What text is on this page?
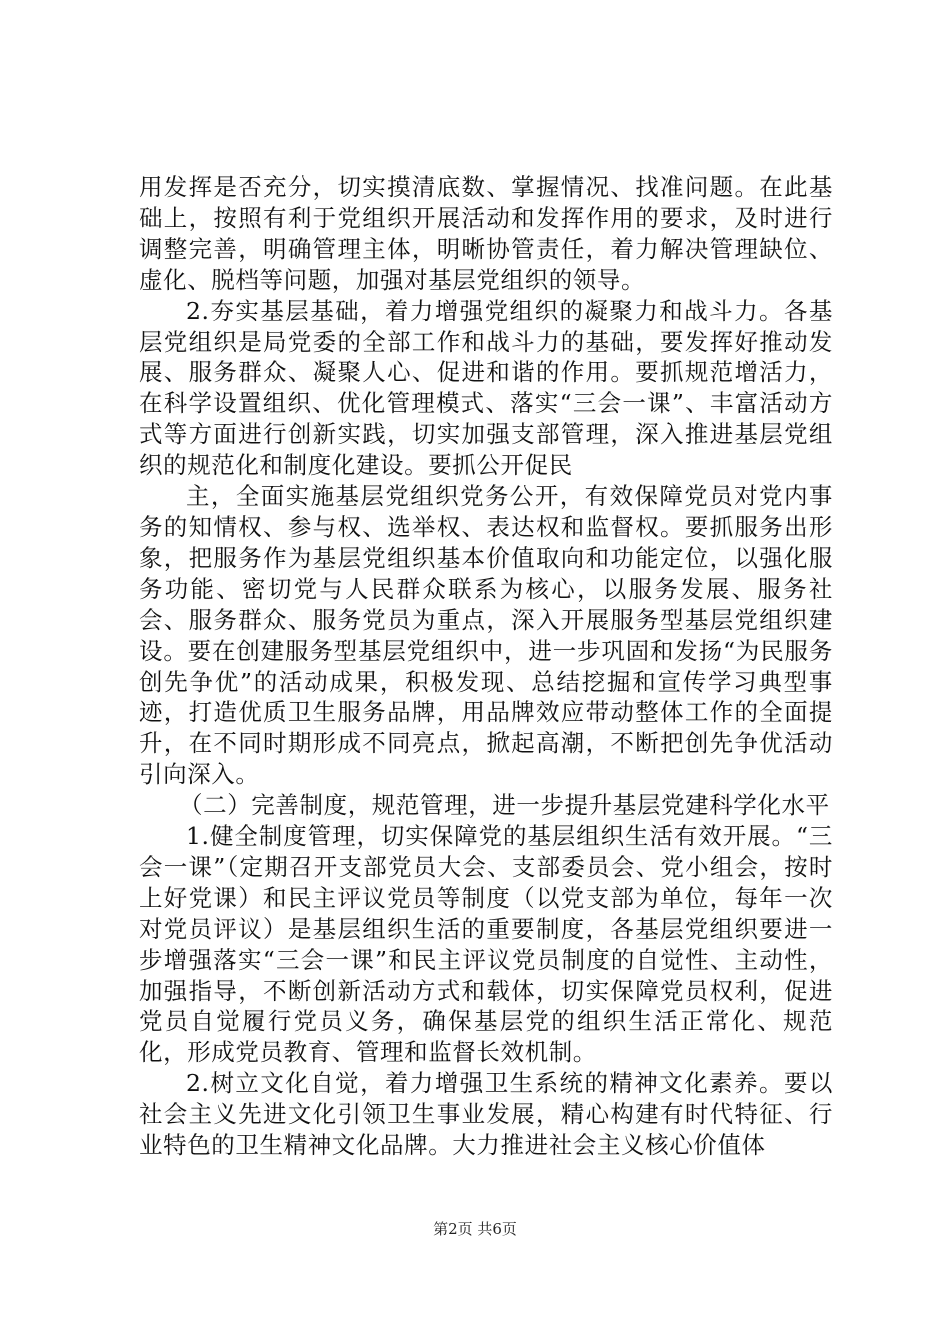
用发挥是否充分，切实摸清底数、掌握情况、找准问题。在此基础上，按照有利于党组织开展活动和发挥作用的要求，及时进行调整完善，明确管理主体，明晰协管责任，着力解决管理缺位、虚化、脱档等问题，加强对基层党组织的领导。

2.夯实基层基础，着力增强党组织的凝聚力和战斗力。各基层党组织是局党委的全部工作和战斗力的基础，要发挥好推动发展、服务群众、凝聚人心、促进和谐的作用。要抓规范增活力，在科学设置组织、优化管理模式、落实“三会一课”、丰富活动方式等方面进行创新实践，切实加强支部管理，深入推进基层党组织的规范化和制度化建设。要抓公开促民

主，全面实施基层党组织党务公开，有效保障党员对党内事务的知情权、参与权、选举权、表达权和监督权。要抓服务出形象，把服务作为基层党组织基本价值取向和功能定位，以强化服务功能、密切党与人民群众联系为核心，以服务发展、服务社会、服务群众、服务党员为重点，深入开展服务型基层党组织建设。要在创建服务型基层党组织中，进一步巩固和发扬“为民服务创先争优”的活动成果，积极发现、总结挖掘和宣传学习典型事迹，打造优质卫生服务品牌，用品牌效应带动整体工作的全面提升，在不同时期形成不同亮点，掀起高潮，不断把创先争优活动引向深入。

（二）完善制度，规范管理，进一步提升基层党建科学化水平

1.健全制度管理，切实保障党的基层组织生活有效开展。“三会一课”（定期召开支部党员大会、支部委员会、党小组会，按时上好党课）和民主评议党员等制度（以党支部为单位，每年一次对党员评议）是基层组织生活的重要制度，各基层党组织要进一步增强落实“三会一课”和民主评议党员制度的自觉性、主动性，加强指导，不断创新活动方式和载体，切实保障党员权利，促进党员自觉履行党员义务，确保基层党的组织生活正常化、规范化，形成党员教育、管理和监督长效机制。

2.树立文化自觉，着力增强卫生系统的精神文化素养。要以社会主义先进文化引领卫生事业发展，精心构建有时代特征、行业特色的卫生精神文化品牌。大力推进社会主义核心价值体

第2页 共6页
